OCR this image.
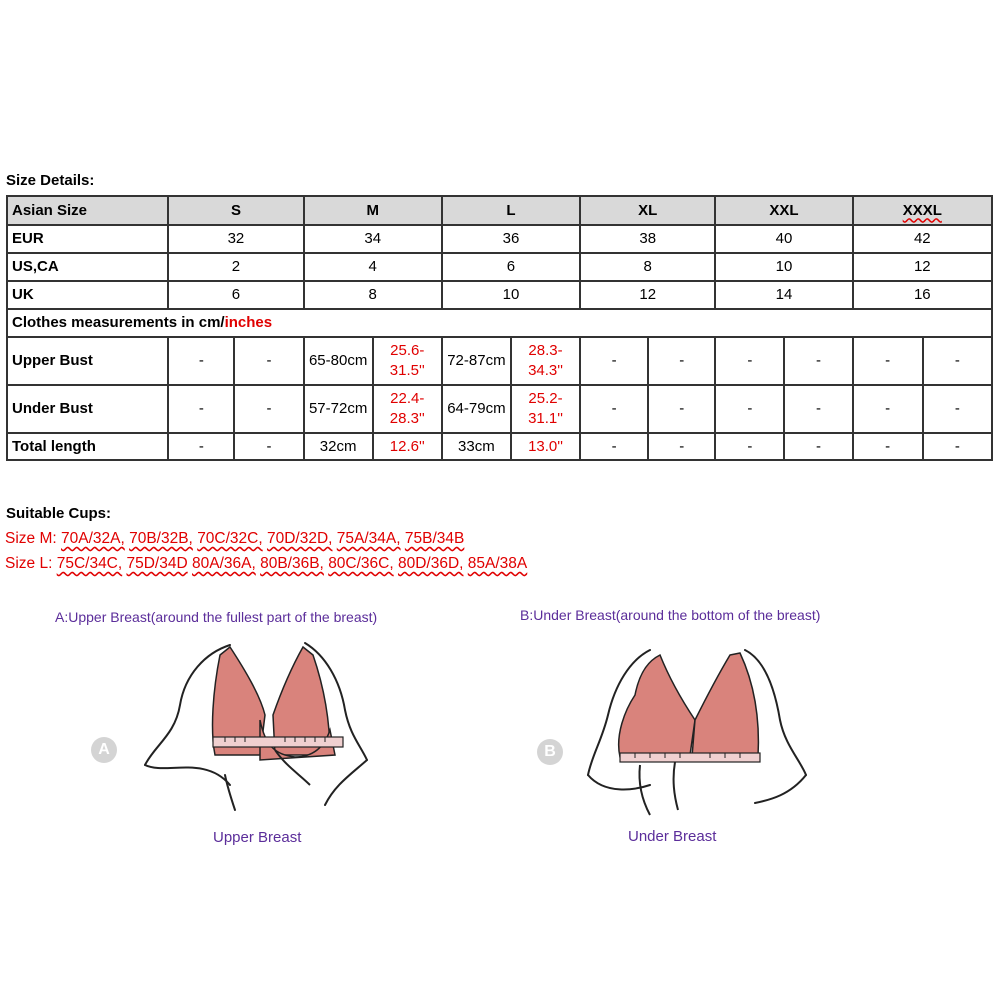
Size Details:
Asian Size	S		M		L		XL		XXL		XXXL	
EUR	32		34		36		38		40		42	
US,CA	2		4		6		8		10		12	
UK	6		8		10		12		14		16	
Clothes measurements in cm/inches												
Upper Bust	-	-	65-80cm	25.6-31.5''	72-87cm	28.3-34.3''	-	-	-	-	-	-
Under Bust	-	-	57-72cm	22.4-28.3''	64-79cm	25.2-31.1''	-	-	-	-	-	-
Total length	-	-	32cm	12.6''	33cm	13.0''	-	-	-	-	-	-
Suitable Cups:
Size M: 70A/32A, 70B/32B, 70C/32C, 70D/32D, 75A/34A, 75B/34B
Size L: 75C/34C, 75D/34D 80A/36A, 80B/36B, 80C/36C, 80D/36D, 85A/38A
A:Upper Breast(around the fullest part of the breast)
A
Upper Breast
B:Under Breast(around the bottom of the breast)
B
Under Breast
